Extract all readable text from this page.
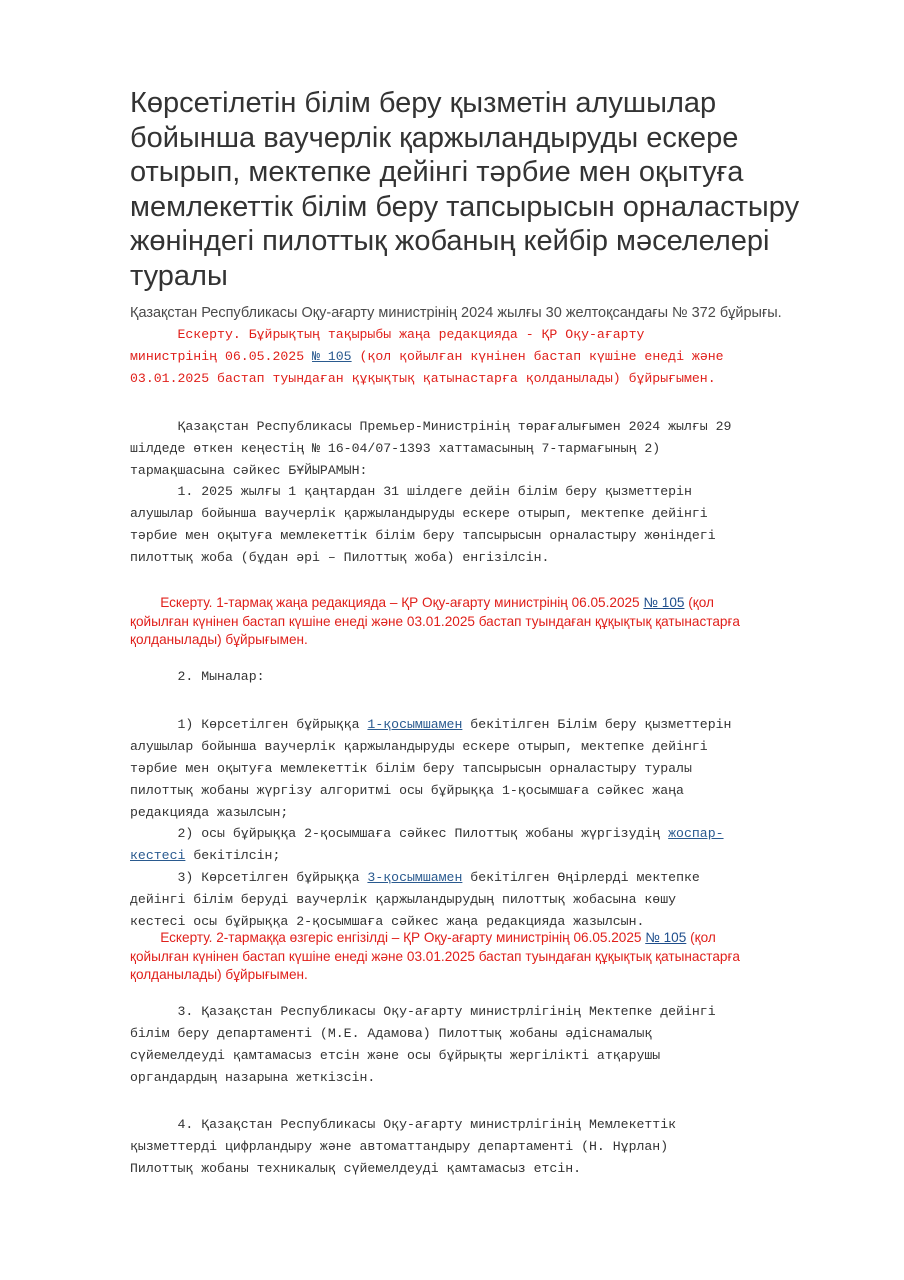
Көрсетілетін білім беру қызметін алушылар
бойынша ваучерлік қаржыландыруды ескере
отырып, мектепке дейінгі тәрбие мен оқытуға
мемлекеттік білім беру тапсырысын орналастыру
жөніндегі пилоттық жобаның кейбір мәселелері
туралы
Қазақстан Республикасы Оқу-ағарту министрінің 2024 жылғы 30 желтоқсандағы № 372 бұйрығы.
Ескерту. Бұйрықтың тақырыбы жаңа редакцияда - ҚР Оқу-ағарту
министрінің 06.05.2025 № 105 (қол қойылған күнінен бастап күшіне енеді және
03.01.2025 бастап туындаған құқықтық қатынастарға қолданылады) бұйрығымен.
Қазақстан Республикасы Премьер-Министрінің төрағалығымен 2024 жылғы 29
шілдеде өткен кеңестің № 16-04/07-1393 хаттамасының 7-тармағының 2)
тармақшасына сәйкес БҰЙЫРАМЫН:
1. 2025 жылғы 1 қаңтардан 31 шілдеге дейін білім беру қызметтерін
алушылар бойынша ваучерлік қаржыландыруды ескере отырып, мектепке дейінгі
тәрбие мен оқытуға мемлекеттік білім беру тапсырысын орналастыру жөніндегі
пилоттық жоба (бұдан әрі – Пилоттық жоба) енгізілсін.
Ескерту. 1-тармақ жаңа редакцияда – ҚР Оқу-ағарту министрінің 06.05.2025 № 105 (қол
қойылған күнінен бастап күшіне енеді және 03.01.2025 бастап туындаған құқықтық қатынастарға
қолданылады) бұйрығымен.
2. Мыналар:
1) Көрсетілген бұйрыққа 1-қосымшамен бекітілген Білім беру қызметтерін
алушылар бойынша ваучерлік қаржыландыруды ескере отырып, мектепке дейінгі
тәрбие мен оқытуға мемлекеттік білім беру тапсырысын орналастыру туралы
пилоттық жобаны жүргізу алгоритмі осы бұйрыққа 1-қосымшаға сәйкес жаңа
редакцияда жазылсын;
2) осы бұйрыққа 2-қосымшаға сәйкес Пилоттық жобаны жүргізудің жоспар-
кестесі бекітілсін;
3) Көрсетілген бұйрыққа 3-қосымшамен бекітілген Өңірлерді мектепке
дейінгі білім беруді ваучерлік қаржыландырудың пилоттық жобасына көшу
кестесі осы бұйрыққа 2-қосымшаға сәйкес жаңа редакцияда жазылсын.
Ескерту. 2-тармаққа өзгеріс енгізілді – ҚР Оқу-ағарту министрінің 06.05.2025 № 105 (қол
қойылған күнінен бастап күшіне енеді және 03.01.2025 бастап туындаған құқықтық қатынастарға
қолданылады) бұйрығымен.
3. Қазақстан Республикасы Оқу-ағарту министрлігінің Мектепке дейінгі
білім беру департаменті (М.Е. Адамова) Пилоттық жобаны әдіснамалық
сүйемелдеуді қамтамасыз етсін және осы бұйрықты жергілікті атқарушы
органдардың назарына жеткізсін.
4. Қазақстан Республикасы Оқу-ағарту министрлігінің Мемлекеттік
қызметтерді цифрландыру және автоматтандыру департаменті (Н. Нұрлан)
Пилоттық жобаны техникалық сүйемелдеуді қамтамасыз етсін.
